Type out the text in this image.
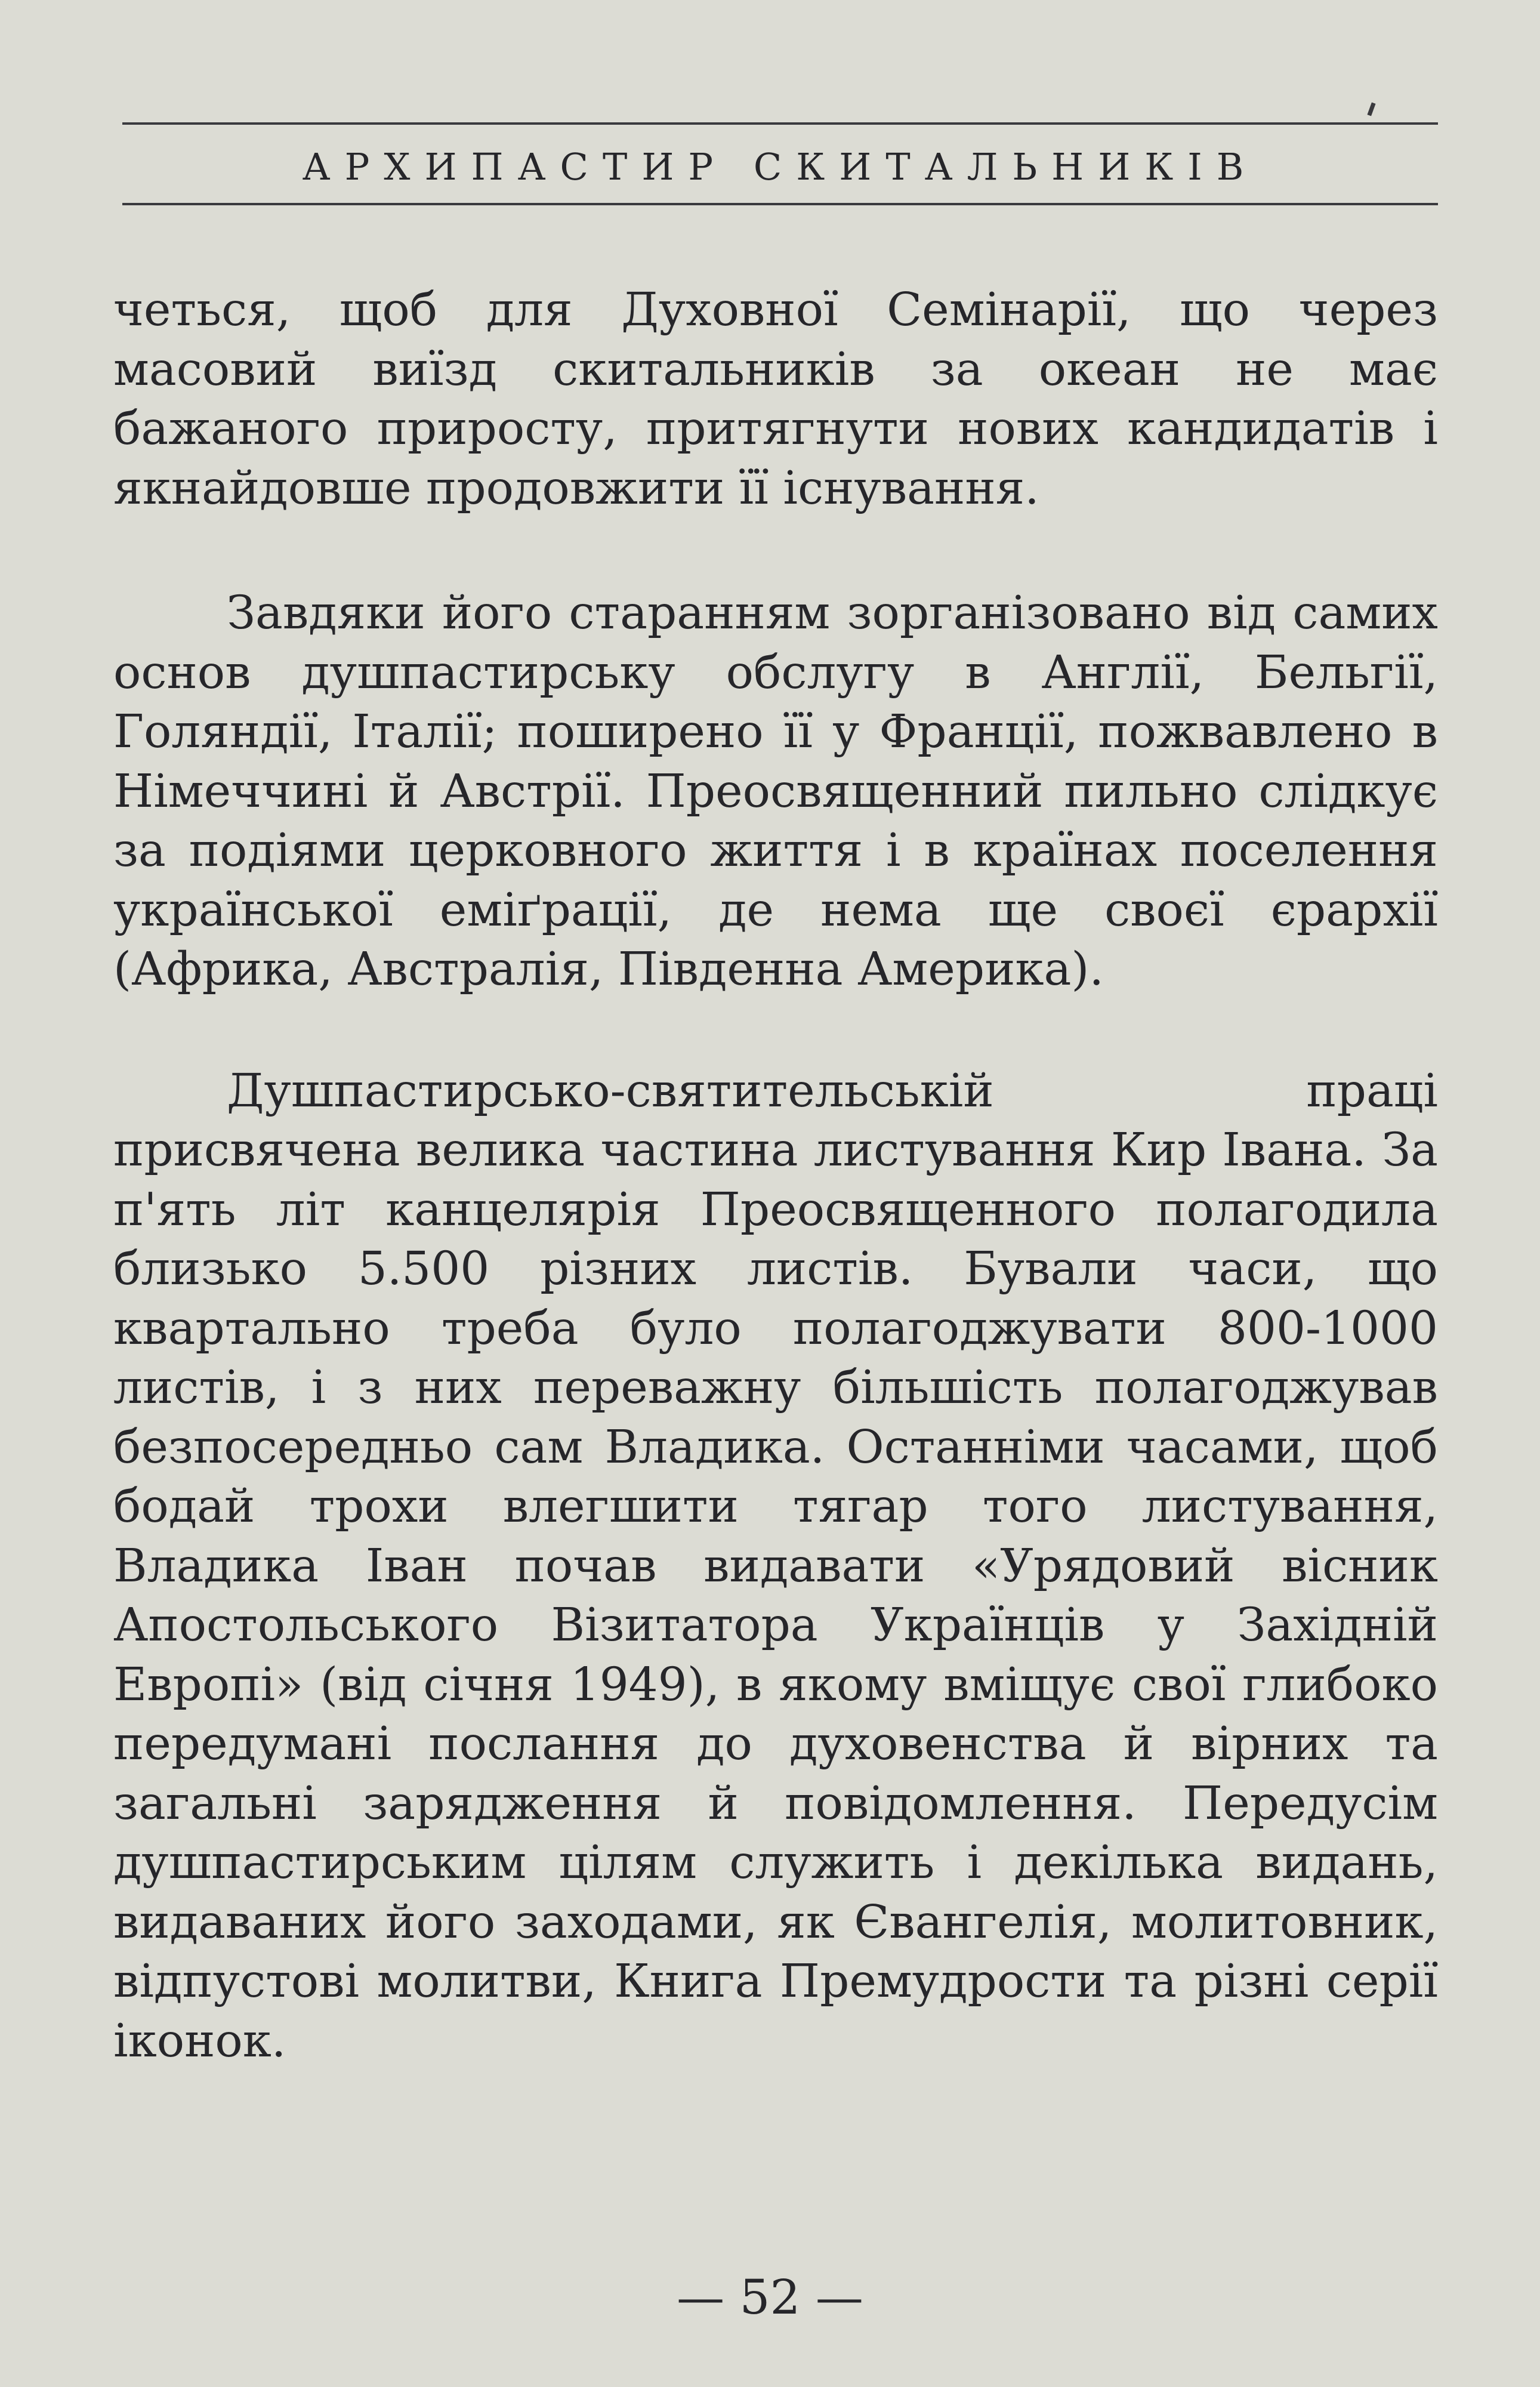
АРХИПАСТИР СКИТАЛЬНИКІВ

четься, щоб для Духовної Семінарії, що через масовий виїзд скитальників за океан не має бажаного приросту, притягнути нових кандидатів і якнайдовше продовжити її існування.

Завдяки його старанням зорганізовано від самих основ душпастирську обслугу в Англії, Бельгії, Голяндії, Італії; поширено її у Франції, пожвавлено в Німеччині й Австрії. Преосвященний пильно слідкує за подіями церковного життя і в країнах поселення української еміґрації, де нема ще своєї єрархії (Африка, Австралія, Південна Америка).

Душпастирсько-святительській праці присвячена велика частина листування Кир Івана. За п'ять літ канцелярія Преосвященного полагодила близько 5.500 різних листів. Бували часи, що квартально треба було полагоджувати 800-1000 листів, і з них переважну більшість полагоджував безпосередньо сам Владика. Останніми часами, щоб бодай трохи влегшити тягар того листування, Владика Іван почав видавати «Урядовий вісник Апостольського Візитатора Українців у Західній Европі» (від січня 1949), в якому вміщує свої глибоко передумані послання до духовенства й вірних та загальні зарядження й повідомлення. Передусім душпастирським цілям служить і декілька видань, видаваних його заходами, як Євангелія, молитовник, відпустові молитви, Книга Премудрости та різні серії іконок.

— 52 —
